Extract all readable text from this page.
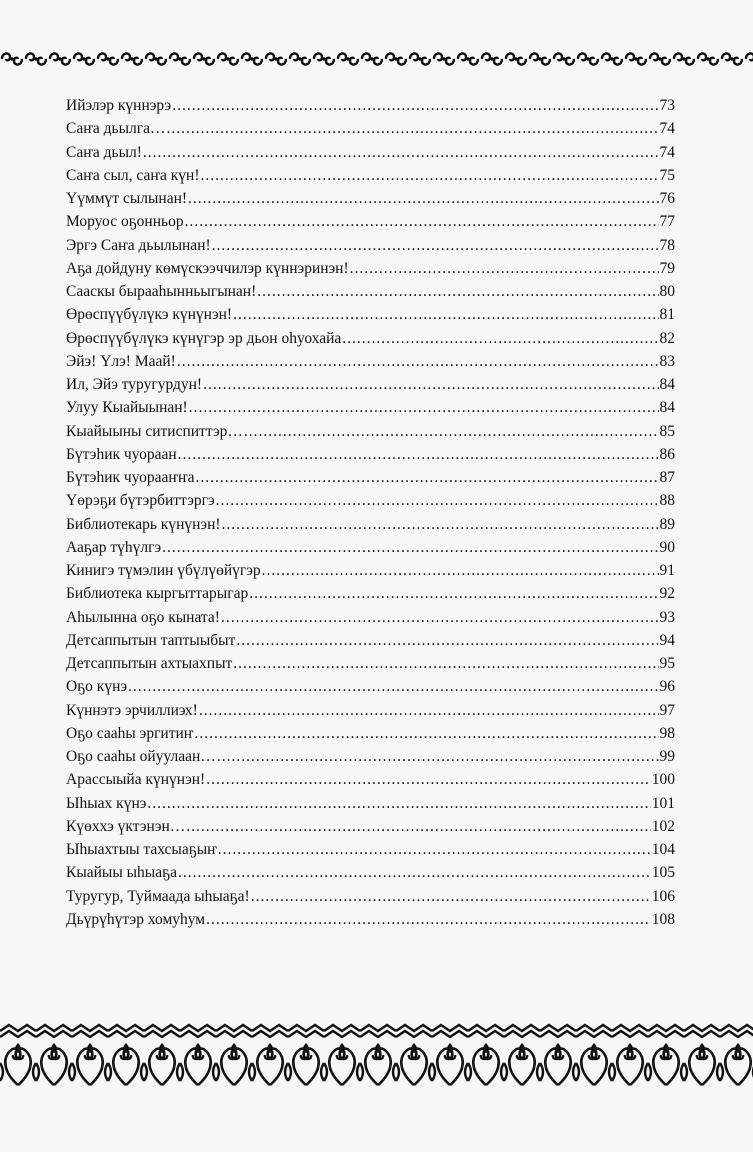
Ийэлэр күннэрэ .....	73
Саҥа дьылга… .....	74
Саҥа дьыл! .....	74
Саҥа сыл, саҥа күн! .....	75
Үүммүт сылынан! .....	76
Моруос оҕонньор .....	77
Эргэ Саҥа дьылынан! .....	78
Аҕа дойдуну көмүскээччилэр күннэринэн! .....	79
Сааскы бырааһынньыгынан! .....	80
Өрөспүүбүлүкэ күнүнэн! .....	81
Өрөспүүбүлүкэ күнүгэр эр дьон оһуохайа .....	82
Эйэ! Үлэ! Маай! .....	83
Ил, Эйэ туругурдун! .....	84
Улуу Кыайыынан! .....	84
Кыайыыны ситиспиттэр… .....	85
Бүтэһик чуораан .....	86
Бүтэһик чуорааҥҥа .....	87
Үөрэҕи бүтэрбиттэргэ .....	88
Библиотекарь күнүнэн! .....	89
Ааҕар түһүлгэ .....	90
Кинигэ түмэлин үбүлүөйүгэр .....	91
Библиотека кыргыттарыгар .....	92
Аһылынна оҕо кыната! .....	93
Детсаппытын таптыыбыт .....	94
Детсаппытын ахтыахпыт .....	95
Оҕо күнэ .....	96
Күннэтэ эрчиллиэх! .....	97
Оҕо сааһы эргитиҥ .....	98
Оҕо сааһы ойуулаан… .....	99
Арассыыйа күнүнэн! .....	100
Ыһыах күнэ .....	101
Күөххэ үктэнэн… .....	102
Ыһыахтыы тахсыаҕыҥ .....	104
Кыайыы ыһыаҕа .....	105
Туругур, Туймаада ыһыаҕа! .....	106
Дьүрүһүтэр хомуһум .....	108
